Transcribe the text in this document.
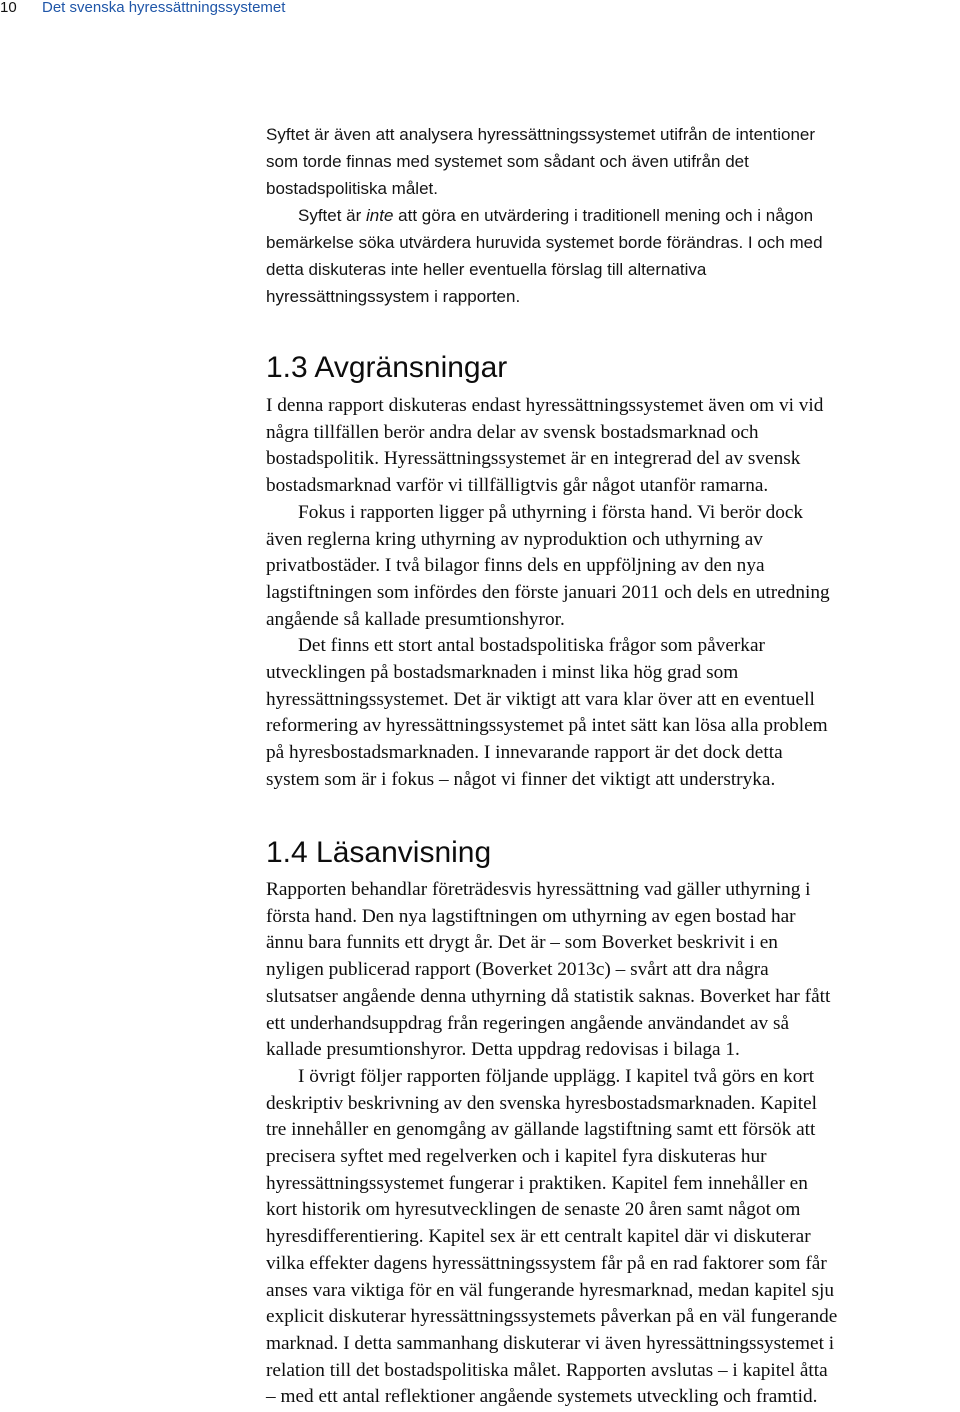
10 Det svenska hyressättningssystemet

Syftet är även att analysera hyressättningssystemet utifrån de intentioner
som torde finnas med systemet som sådant och även utifrån det
bostadspolitiska målet.

Syftet är inte att göra en utvärdering i traditionell mening och i någon
bemärkelse söka utvärdera huruvida systemet borde förändras. I och med
detta diskuteras inte heller eventuella förslag till alternativa
hyressättningssystem i rapporten.

1.3 Avgränsningar

I denna rapport diskuteras endast hyressättningssystemet även om vi vid
några tillfällen berör andra delar av svensk bostadsmarknad och
bostadspolitik. Hyressättningssystemet är en integrerad del av svensk
bostadsmarknad varför vi tillfälligtvis går något utanför ramarna.

Fokus i rapporten ligger på uthyrning i första hand. Vi berör dock
även reglerna kring uthyrning av nyproduktion och uthyrning av
privatbostäder. I två bilagor finns dels en uppföljning av den nya
lagstiftningen som infördes den förste januari 2011 och dels en utredning
angående så kallade presumtionshyror.

Det finns ett stort antal bostadspolitiska frågor som påverkar
utvecklingen på bostadsmarknaden i minst lika hög grad som
hyressättningssystemet. Det är viktigt att vara klar över att en eventuell
reformering av hyressättningssystemet på intet sätt kan lösa alla problem
på hyresbostadsmarknaden. I innevarande rapport är det dock detta
system som är i fokus – något vi finner det viktigt att understryka.

1.4 Läsanvisning

Rapporten behandlar företrädesvis hyressättning vad gäller uthyrning i
första hand. Den nya lagstiftningen om uthyrning av egen bostad har
ännu bara funnits ett drygt år. Det är – som Boverket beskrivit i en
nyligen publicerad rapport (Boverket 2013c) – svårt att dra några
slutsatser angående denna uthyrning då statistik saknas. Boverket har fått
ett underhandsuppdrag från regeringen angående användandet av så
kallade presumtionshyror. Detta uppdrag redovisas i bilaga 1.

I övrigt följer rapporten följande upplägg. I kapitel två görs en kort
deskriptiv beskrivning av den svenska hyresbostadsmarknaden. Kapitel
tre innehåller en genomgång av gällande lagstiftning samt ett försök att
precisera syftet med regelverken och i kapitel fyra diskuteras hur
hyressättningssystemet fungerar i praktiken. Kapitel fem innehåller en
kort historik om hyresutvecklingen de senaste 20 åren samt något om
hyresdifferentiering. Kapitel sex är ett centralt kapitel där vi diskuterar
vilka effekter dagens hyressättningssystem får på en rad faktorer som får
anses vara viktiga för en väl fungerande hyresmarknad, medan kapitel sju
explicit diskuterar hyressättningssystemets påverkan på en väl fungerande
marknad. I detta sammanhang diskuterar vi även hyressättningssystemet i
relation till det bostadspolitiska målet. Rapporten avslutas – i kapitel åtta
– med ett antal reflektioner angående systemets utveckling och framtid.
